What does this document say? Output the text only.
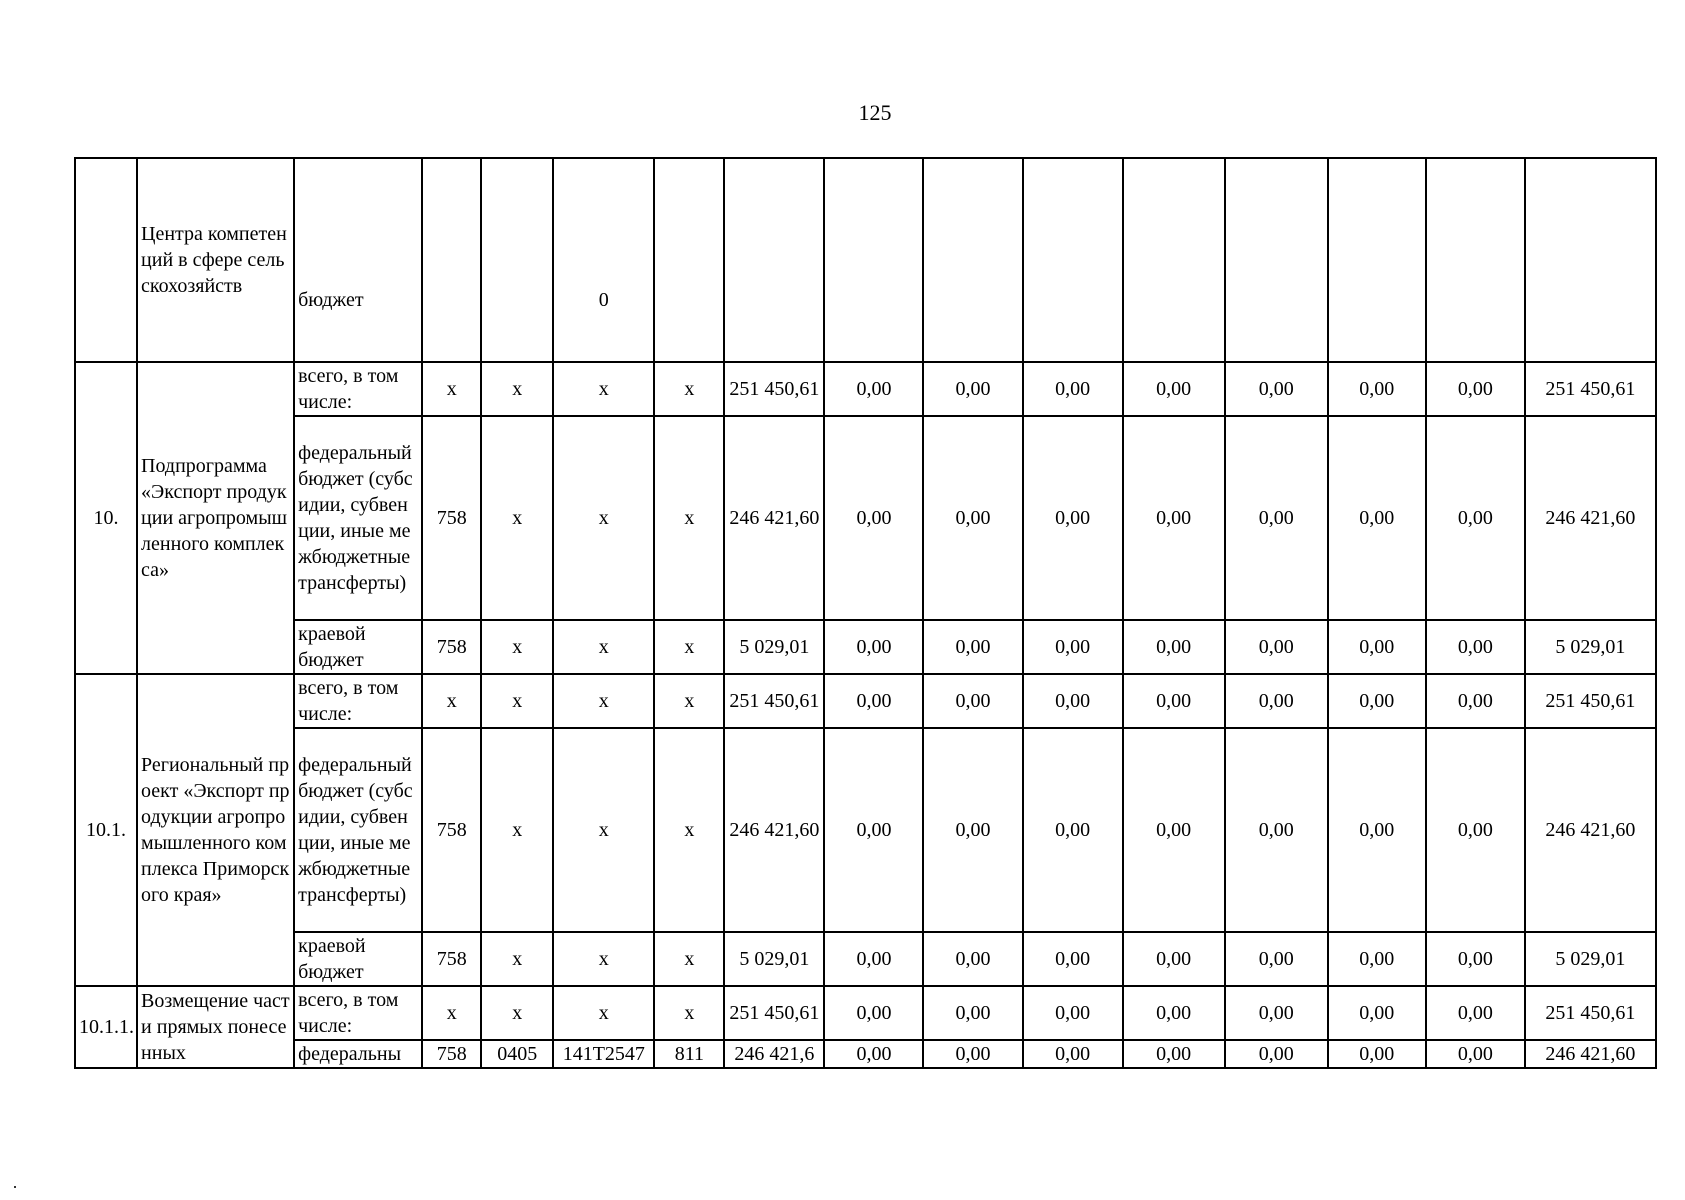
125
	Центра компетенций в сфере сельскохозяйств	бюджет			0										
10.	Подпрограмма «Экспорт продукции агропромышленного комплекса»	всего, в том числе:	x	x	x	x	251 450,61	0,00	0,00	0,00	0,00	0,00	0,00	0,00	251 450,61
		федеральный бюджет (субсидии, субвенции, иные межбюджетные трансферты)	758	x	x	x	246 421,60	0,00	0,00	0,00	0,00	0,00	0,00	0,00	246 421,60
		краевой бюджет	758	x	x	x	5 029,01	0,00	0,00	0,00	0,00	0,00	0,00	0,00	5 029,01
10.1.	Региональный проект «Экспорт продукции агропромышленного комплекса Приморского края»	всего, в том числе:	x	x	x	x	251 450,61	0,00	0,00	0,00	0,00	0,00	0,00	0,00	251 450,61
		федеральный бюджет (субсидии, субвенции, иные межбюджетные трансферты)	758	x	x	x	246 421,60	0,00	0,00	0,00	0,00	0,00	0,00	0,00	246 421,60
		краевой бюджет	758	x	x	x	5 029,01	0,00	0,00	0,00	0,00	0,00	0,00	0,00	5 029,01
10.1.1.	Возмещение части прямых понесенных	всего, в том числе:	x	x	x	x	251 450,61	0,00	0,00	0,00	0,00	0,00	0,00	0,00	251 450,61
		федеральны	758	0405	141T2547	811	246 421,6	0,00	0,00	0,00	0,00	0,00	0,00	0,00	246 421,60
